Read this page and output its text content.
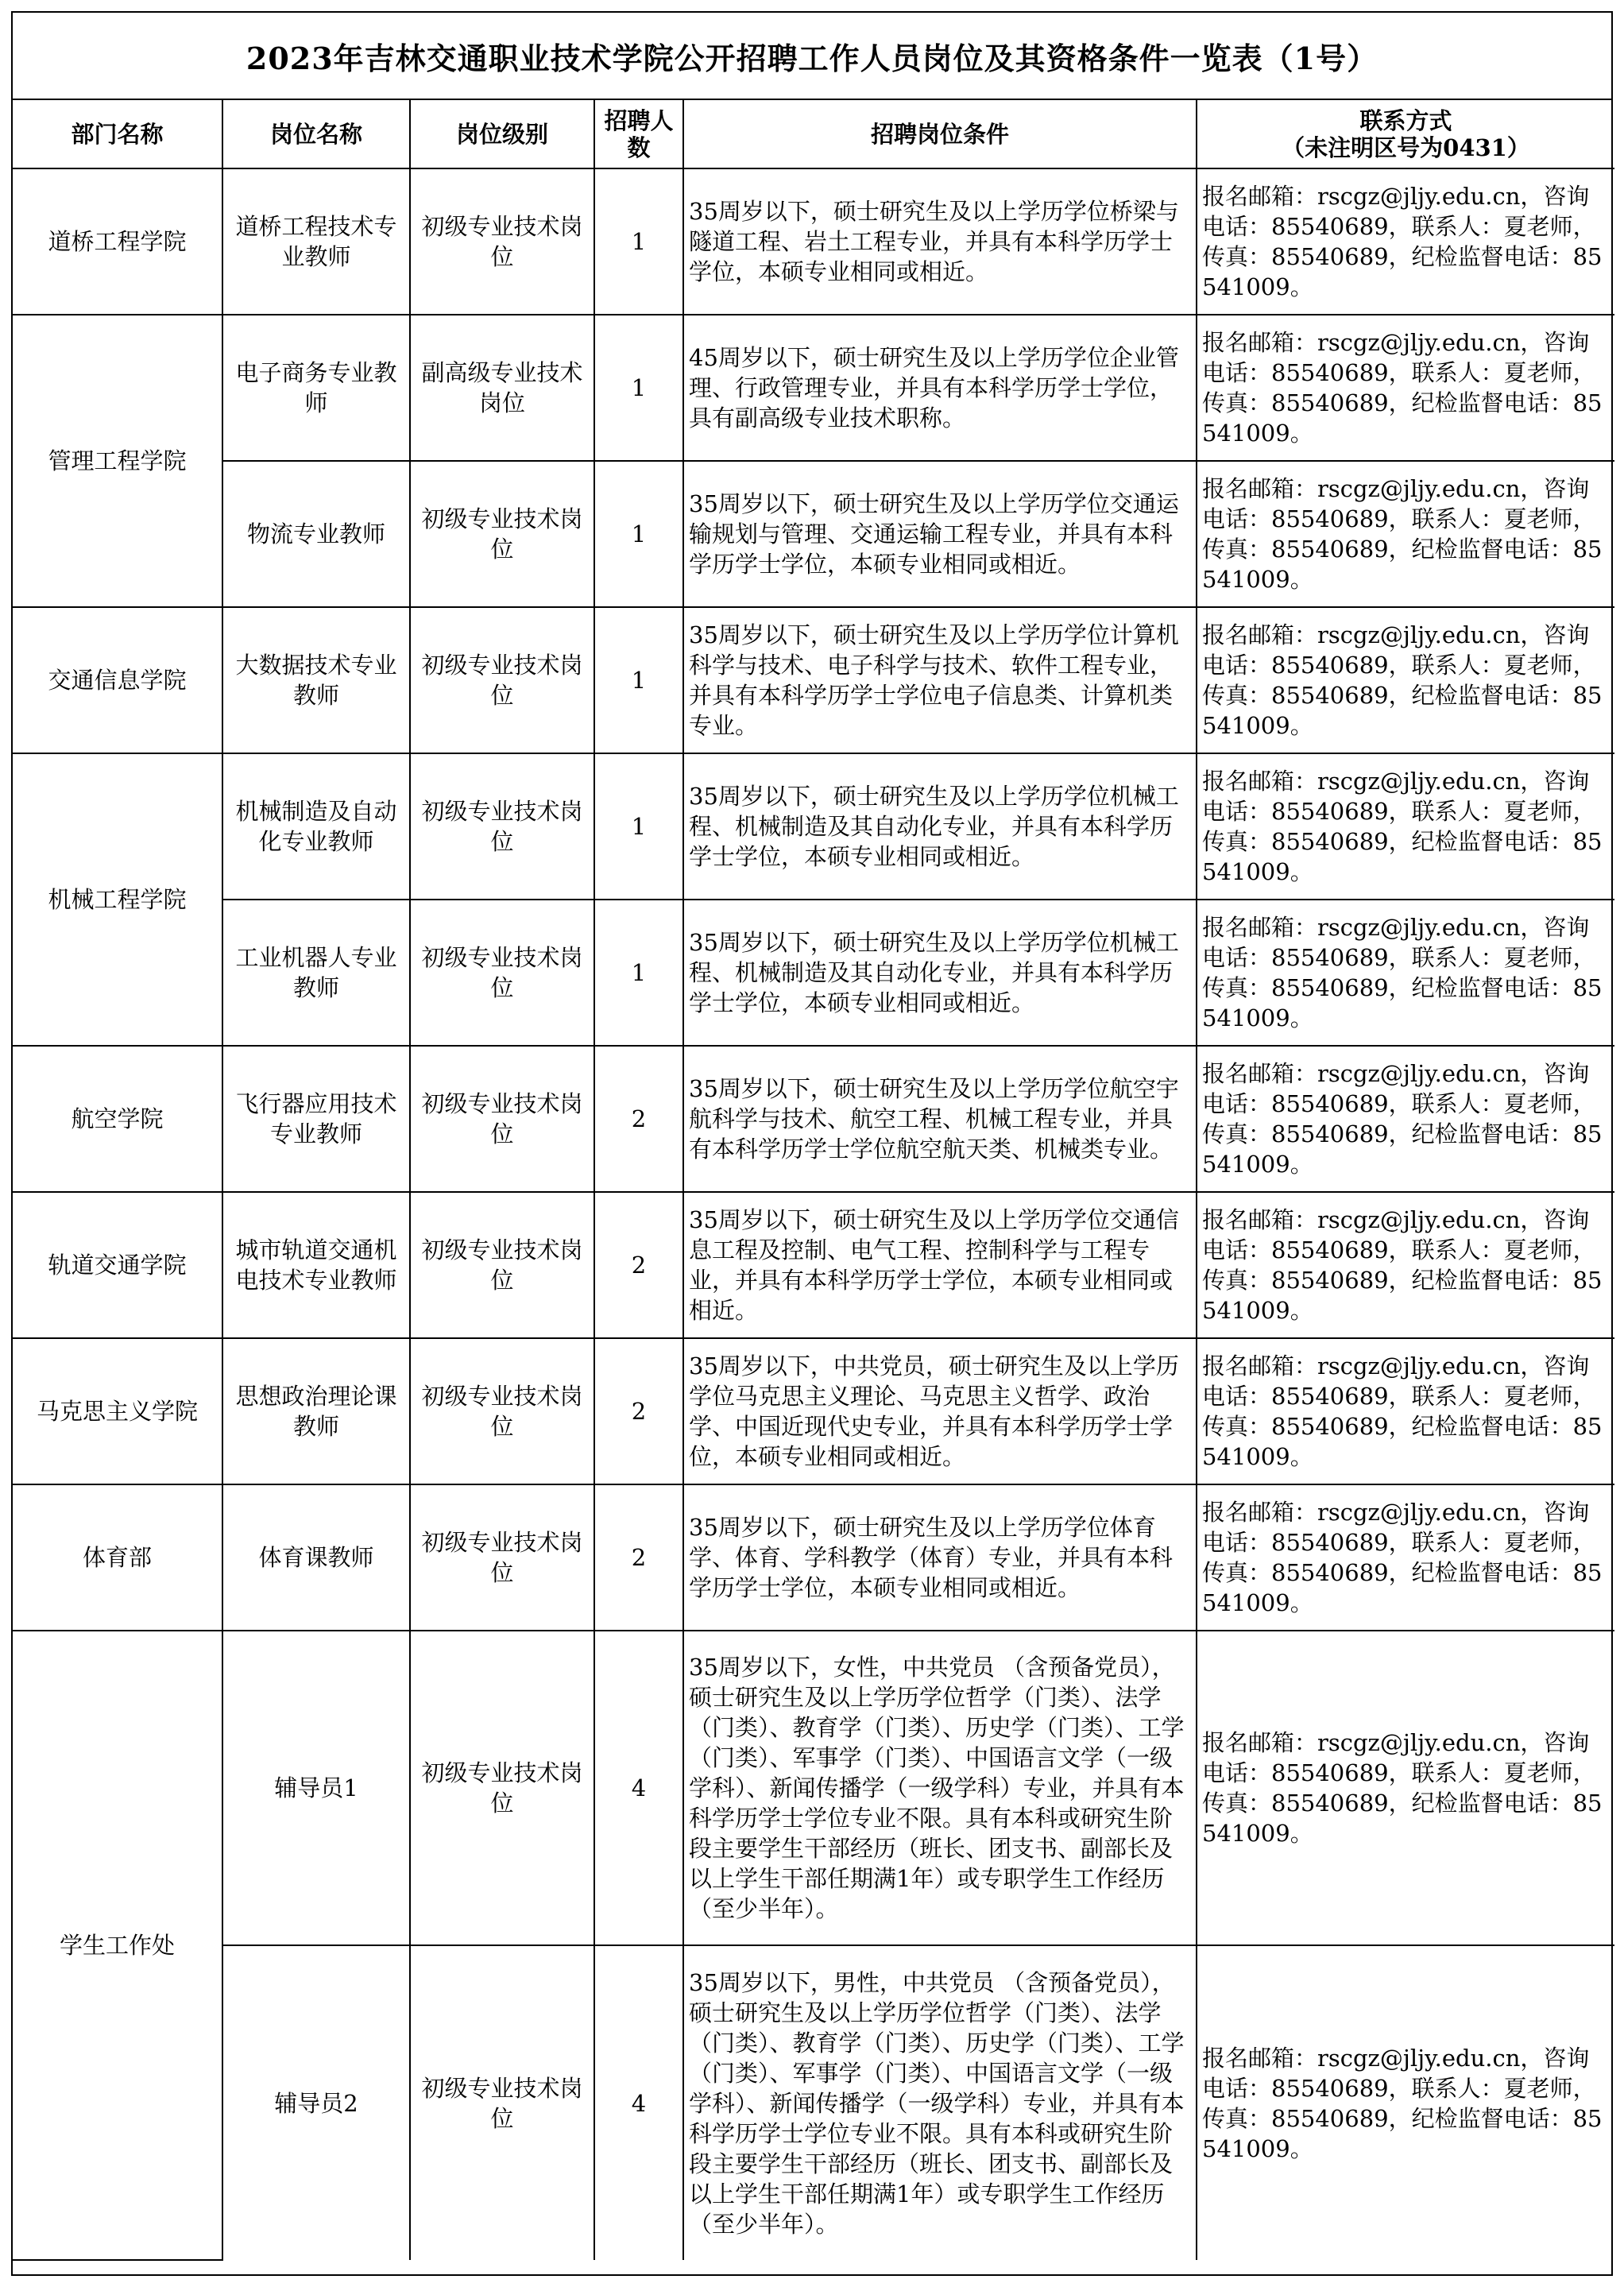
2023年吉林交通职业技术学院公开招聘工作人员岗位及其资格条件一览表（1号）
部门名称	岗位名称	岗位级别	招聘人数	招聘岗位条件	联系方式
（未注明区号为0431）

道桥工程学院	道桥工程技术专业教师	初级专业技术岗位	1	35周岁以下，硕士研究生及以上学历学位桥梁与隧道工程、岩土工程专业，并具有本科学历学士学位，本硕专业相同或相近。	报名邮箱：rscgz@jljy.edu.cn，咨询电话：85540689，联系人：夏老师，传真：85540689，纪检监督电话：85541009。
管理工程学院	电子商务专业教师	副高级专业技术岗位	1	45周岁以下，硕士研究生及以上学历学位企业管理、行政管理专业，并具有本科学历学士学位，具有副高级专业技术职称。	报名邮箱：rscgz@jljy.edu.cn，咨询电话：85540689，联系人：夏老师，传真：85540689，纪检监督电话：85541009。
	物流专业教师	初级专业技术岗位	1	35周岁以下，硕士研究生及以上学历学位交通运输规划与管理、交通运输工程专业，并具有本科学历学士学位，本硕专业相同或相近。	报名邮箱：rscgz@jljy.edu.cn，咨询电话：85540689，联系人：夏老师，传真：85540689，纪检监督电话：85541009。
交通信息学院	大数据技术专业教师	初级专业技术岗位	1	35周岁以下，硕士研究生及以上学历学位计算机科学与技术、电子科学与技术、软件工程专业，并具有本科学历学士学位电子信息类、计算机类专业。	报名邮箱：rscgz@jljy.edu.cn，咨询电话：85540689，联系人：夏老师，传真：85540689，纪检监督电话：85541009。
机械工程学院	机械制造及自动化专业教师	初级专业技术岗位	1	35周岁以下，硕士研究生及以上学历学位机械工程、机械制造及其自动化专业，并具有本科学历学士学位，本硕专业相同或相近。	报名邮箱：rscgz@jljy.edu.cn，咨询电话：85540689，联系人：夏老师，传真：85540689，纪检监督电话：85541009。
	工业机器人专业教师	初级专业技术岗位	1	35周岁以下，硕士研究生及以上学历学位机械工程、机械制造及其自动化专业，并具有本科学历学士学位，本硕专业相同或相近。	报名邮箱：rscgz@jljy.edu.cn，咨询电话：85540689，联系人：夏老师，传真：85540689，纪检监督电话：85541009。
航空学院	飞行器应用技术专业教师	初级专业技术岗位	2	35周岁以下，硕士研究生及以上学历学位航空宇航科学与技术、航空工程、机械工程专业，并具有本科学历学士学位航空航天类、机械类专业。	报名邮箱：rscgz@jljy.edu.cn，咨询电话：85540689，联系人：夏老师，传真：85540689，纪检监督电话：85541009。
轨道交通学院	城市轨道交通机电技术专业教师	初级专业技术岗位	2	35周岁以下，硕士研究生及以上学历学位交通信息工程及控制、电气工程、控制科学与工程专业，并具有本科学历学士学位，本硕专业相同或相近。	报名邮箱：rscgz@jljy.edu.cn，咨询电话：85540689，联系人：夏老师，传真：85540689，纪检监督电话：85541009。
马克思主义学院	思想政治理论课教师	初级专业技术岗位	2	35周岁以下，中共党员，硕士研究生及以上学历学位马克思主义理论、马克思主义哲学、政治学、中国近现代史专业，并具有本科学历学士学位，本硕专业相同或相近。	报名邮箱：rscgz@jljy.edu.cn，咨询电话：85540689，联系人：夏老师，传真：85540689，纪检监督电话：85541009。
体育部	体育课教师	初级专业技术岗位	2	35周岁以下，硕士研究生及以上学历学位体育学、体育、学科教学（体育）专业，并具有本科学历学士学位，本硕专业相同或相近。	报名邮箱：rscgz@jljy.edu.cn，咨询电话：85540689，联系人：夏老师，传真：85540689，纪检监督电话：85541009。
学生工作处	辅导员1	初级专业技术岗位	4	35周岁以下，女性，中共党员 （含预备党员），硕士研究生及以上学历学位哲学（门类）、法学（门类）、教育学（门类）、历史学（门类）、工学（门类）、军事学（门类）、中国语言文学（一级学科）、新闻传播学（一级学科）专业，并具有本科学历学士学位专业不限。具有本科或研究生阶段主要学生干部经历（班长、团支书、副部长及以上学生干部任期满1年）或专职学生工作经历（至少半年）。	报名邮箱：rscgz@jljy.edu.cn，咨询电话：85540689，联系人：夏老师，传真：85540689，纪检监督电话：85541009。
	辅导员2	初级专业技术岗位	4	35周岁以下，男性，中共党员 （含预备党员），硕士研究生及以上学历学位哲学（门类）、法学（门类）、教育学（门类）、历史学（门类）、工学（门类）、军事学（门类）、中国语言文学（一级学科）、新闻传播学（一级学科）专业，并具有本科学历学士学位专业不限。具有本科或研究生阶段主要学生干部经历（班长、团支书、副部长及以上学生干部任期满1年）或专职学生工作经历（至少半年）。	报名邮箱：rscgz@jljy.edu.cn，咨询电话：85540689，联系人：夏老师，传真：85540689，纪检监督电话：85541009。
